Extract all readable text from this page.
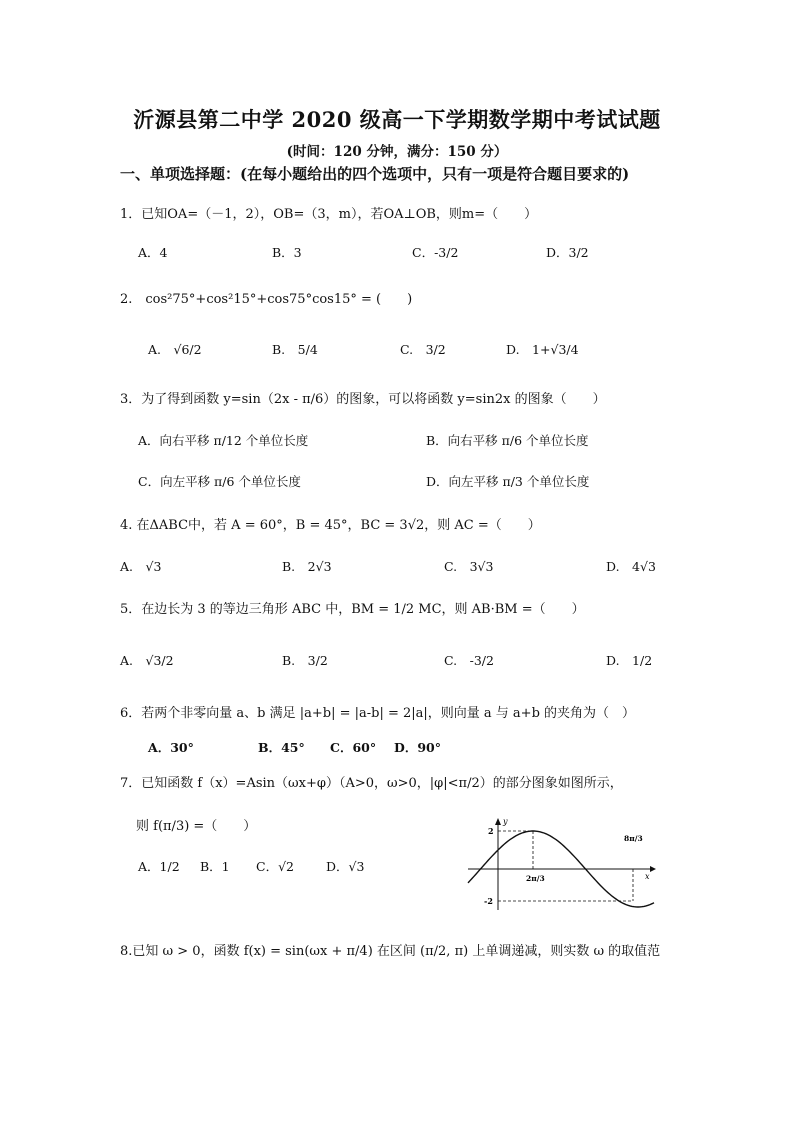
沂源县第二中学 2020 级高一下学期数学期中考试试题
(时间：120 分钟，满分：150 分）
一、单项选择题：(在每小题给出的四个选项中，只有一项是符合题目要求的)
1．已知OA=（－1，2），OB=（3，m），若OA⊥OB，则m=（　　）
A．4	B．3	C．-3/2	D．3/2
2.　cos²75°+cos²15°+cos75°cos15° = (　　)
A.　√6/2	B.　5/4	C.　3/2	D.　1+√3/4
3．为了得到函数 y=sin（2x - π/6）的图象，可以将函数 y=sin2x 的图象（　　）
A．向右平移 π/12 个单位长度	B．向右平移 π/6 个单位长度
C．向左平移 π/6 个单位长度	D．向左平移 π/3 个单位长度
4. 在ΔABC中，若 A = 60°，B = 45°，BC = 3√2，则 AC =（　　）
A.　√3	B.　2√3	C.　3√3	D.　4√3
5．在边长为 3 的等边三角形 ABC 中，BM = 1/2 MC，则 AB·BM =（　　）
A.　√3/2	B.　3/2	C.　-3/2	D.　1/2
6．若两个非零向量 a、b 满足 |a+b| = |a-b| = 2|a|，则向量 a 与 a+b 的夹角为（　）
A．30°	B．45° C．60° D．90°
7．已知函数 f（x）=Asin（ωx+φ）（A>0，ω>0，|φ|<π/2）的部分图象如图所示，
则 f(π/3) =（　　）
A．1/2 B．1 C．√2	D．√3
2
-2
y
x
2π/3
8π/3
8.已知 ω > 0，函数 f(x) = sin(ωx + π/4) 在区间 (π/2, π) 上单调递减，则实数 ω 的取值范
